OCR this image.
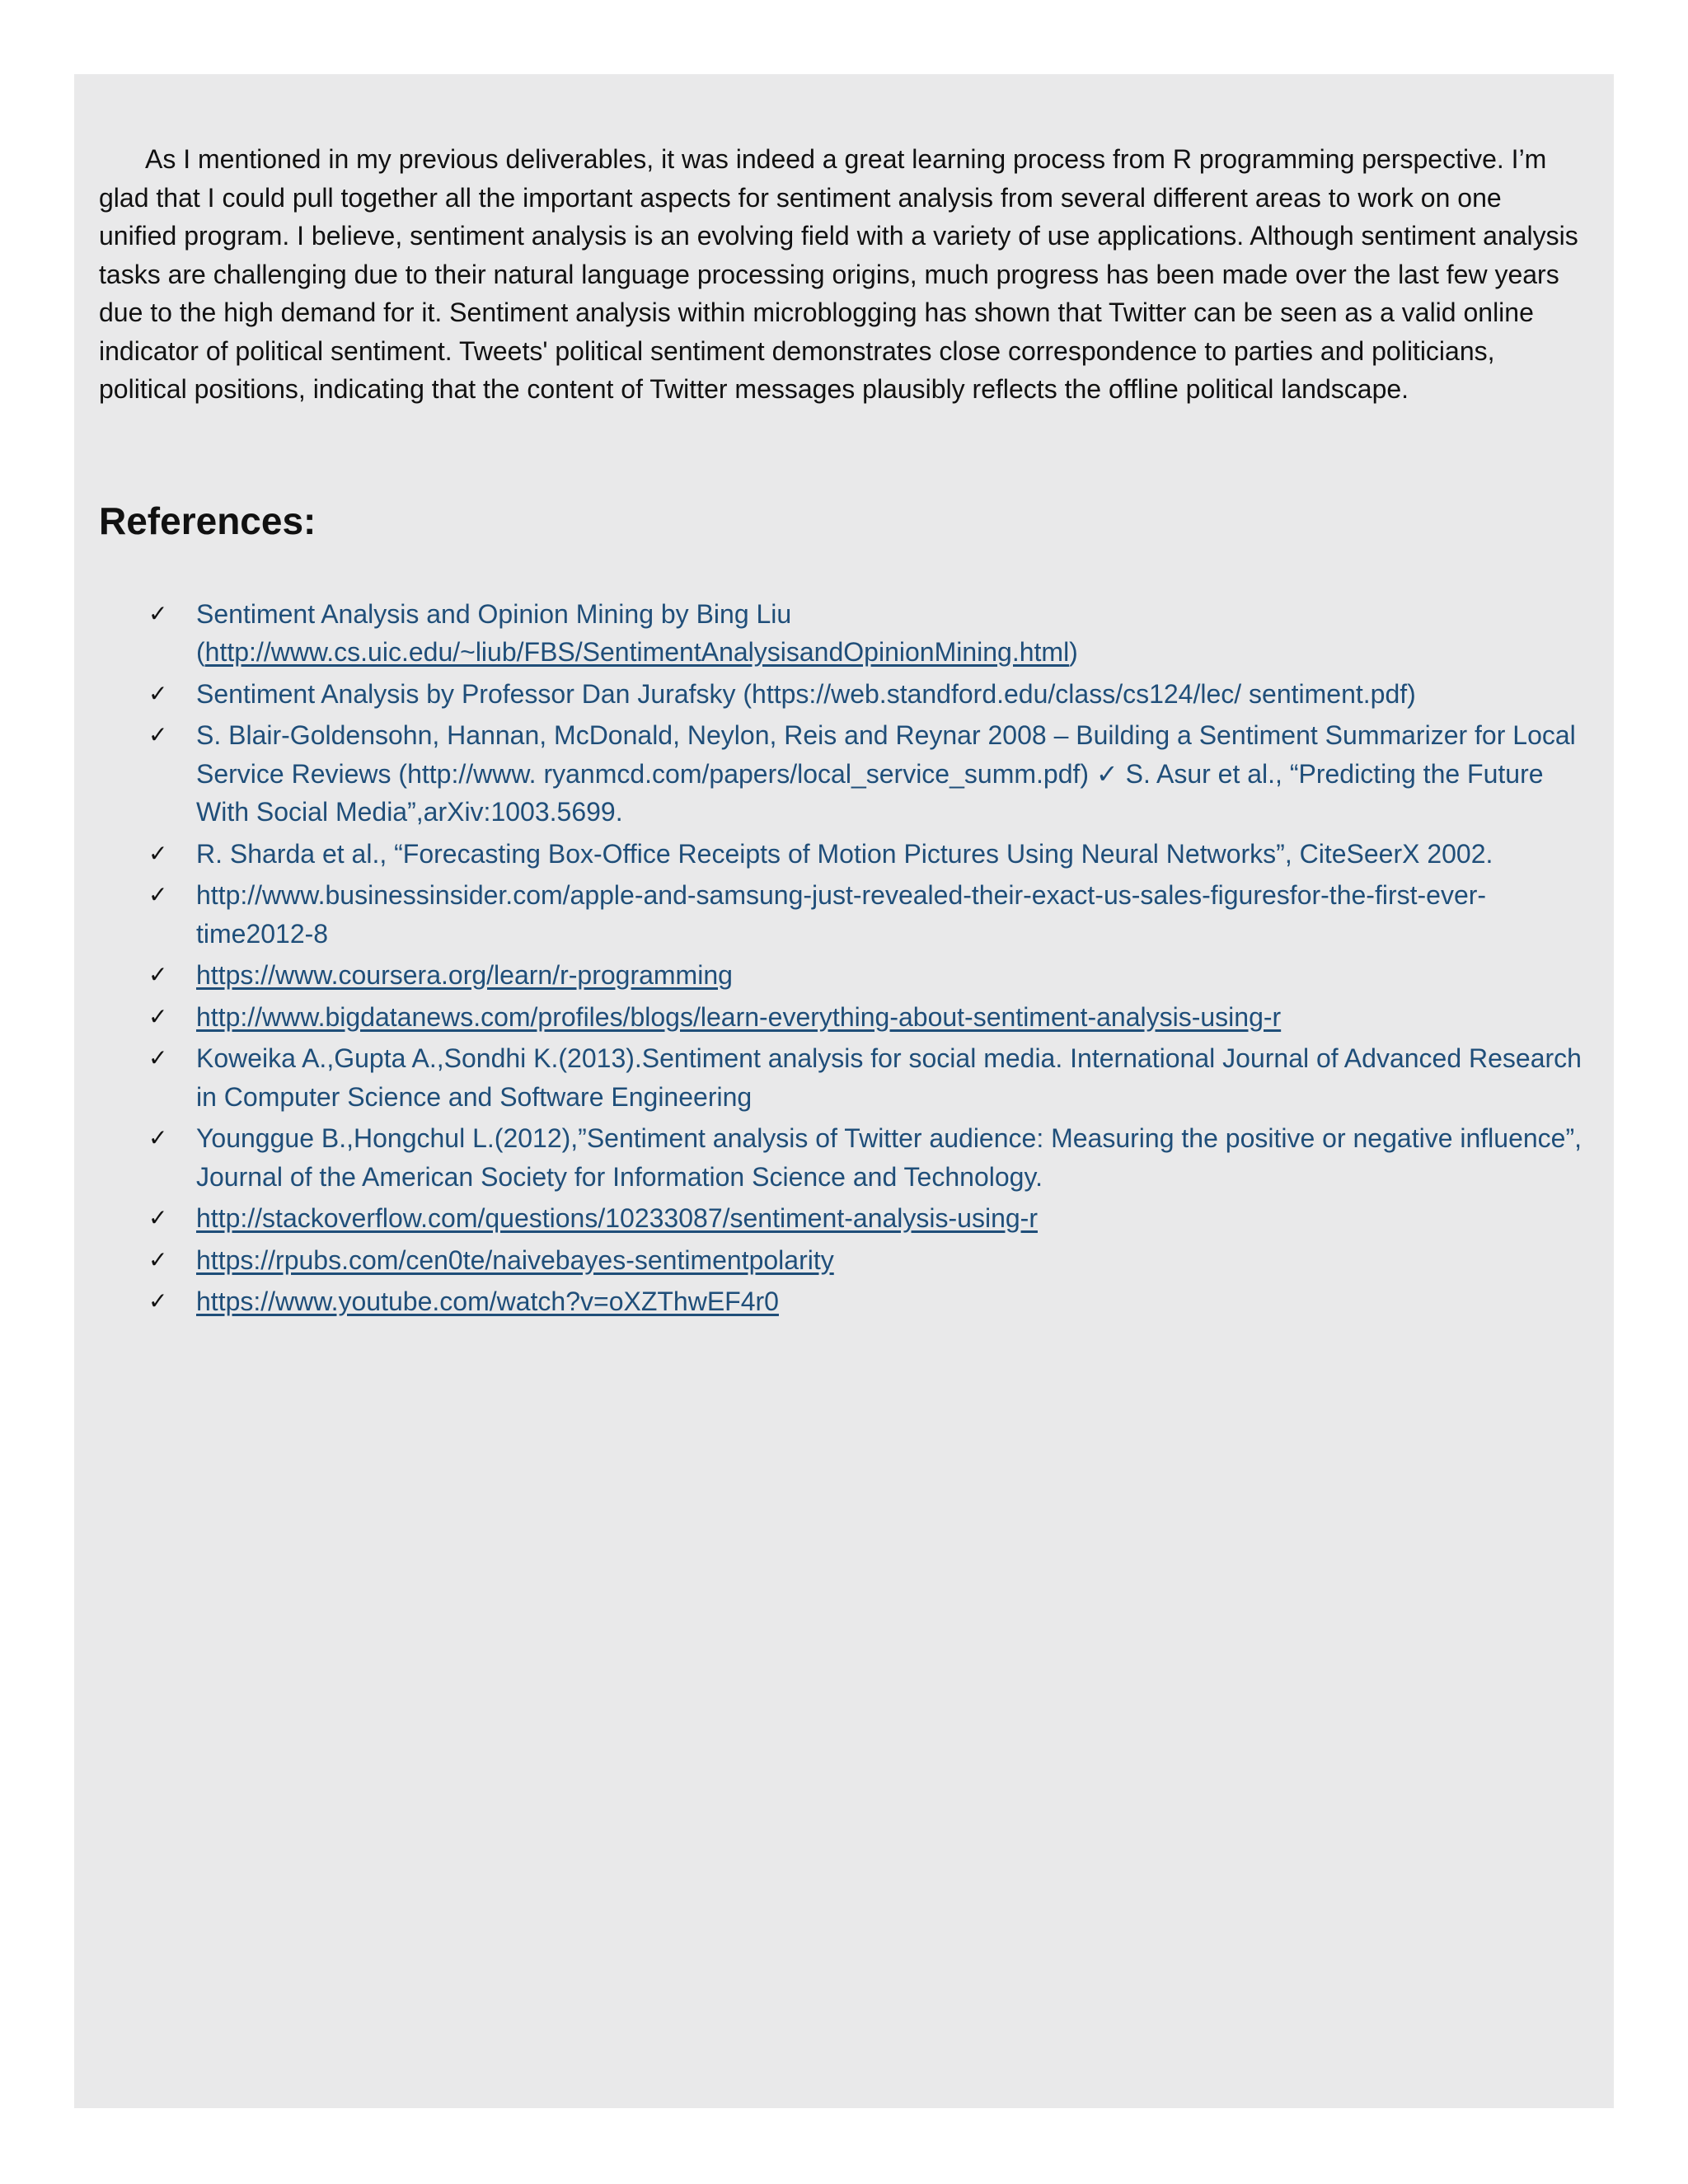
As I mentioned in my previous deliverables, it was indeed a great learning process from R programming perspective. I’m glad that I could pull together all the important aspects for sentiment analysis from several different areas to work on one unified program. I believe, sentiment analysis is an evolving field with a variety of use applications. Although sentiment analysis tasks are challenging due to their natural language processing origins, much progress has been made over the last few years due to the high demand for it. Sentiment analysis within microblogging has shown that Twitter can be seen as a valid online indicator of political sentiment. Tweets' political sentiment demonstrates close correspondence to parties and politicians, political positions, indicating that the content of Twitter messages plausibly reflects the offline political landscape.

References:
✓ Sentiment Analysis and Opinion Mining by Bing Liu (http://www.cs.uic.edu/~liub/FBS/SentimentAnalysisandOpinionMining.html)
✓ Sentiment Analysis by Professor Dan Jurafsky (https://web.standford.edu/class/cs124/lec/ sentiment.pdf)
✓ S. Blair-Goldensohn, Hannan, McDonald, Neylon, Reis and Reynar 2008 – Building a Sentiment Summarizer for Local Service Reviews (http://www. ryanmcd.com/papers/local_service_summ.pdf) ✓ S. Asur et al., “Predicting the Future With Social Media”,arXiv:1003.5699.
✓ R. Sharda et al., “Forecasting Box-Office Receipts of Motion Pictures Using Neural Networks”, CiteSeerX 2002.
✓ http://www.businessinsider.com/apple-and-samsung-just-revealed-their-exact-us-sales-figuresfor-the-first-ever-time2012-8
✓ https://www.coursera.org/learn/r-programming
✓ http://www.bigdatanews.com/profiles/blogs/learn-everything-about-sentiment-analysis-using-r
✓ Koweika A.,Gupta A.,Sondhi K.(2013).Sentiment analysis for social media. International Journal of Advanced Research in Computer Science and Software Engineering
✓ Younggue B.,Hongchul L.(2012),”Sentiment analysis of Twitter audience: Measuring the positive or negative influence”, Journal of the American Society for Information Science and Technology.
✓ http://stackoverflow.com/questions/10233087/sentiment-analysis-using-r
✓ https://rpubs.com/cen0te/naivebayes-sentimentpolarity
✓ https://www.youtube.com/watch?v=oXZThwEF4r0
